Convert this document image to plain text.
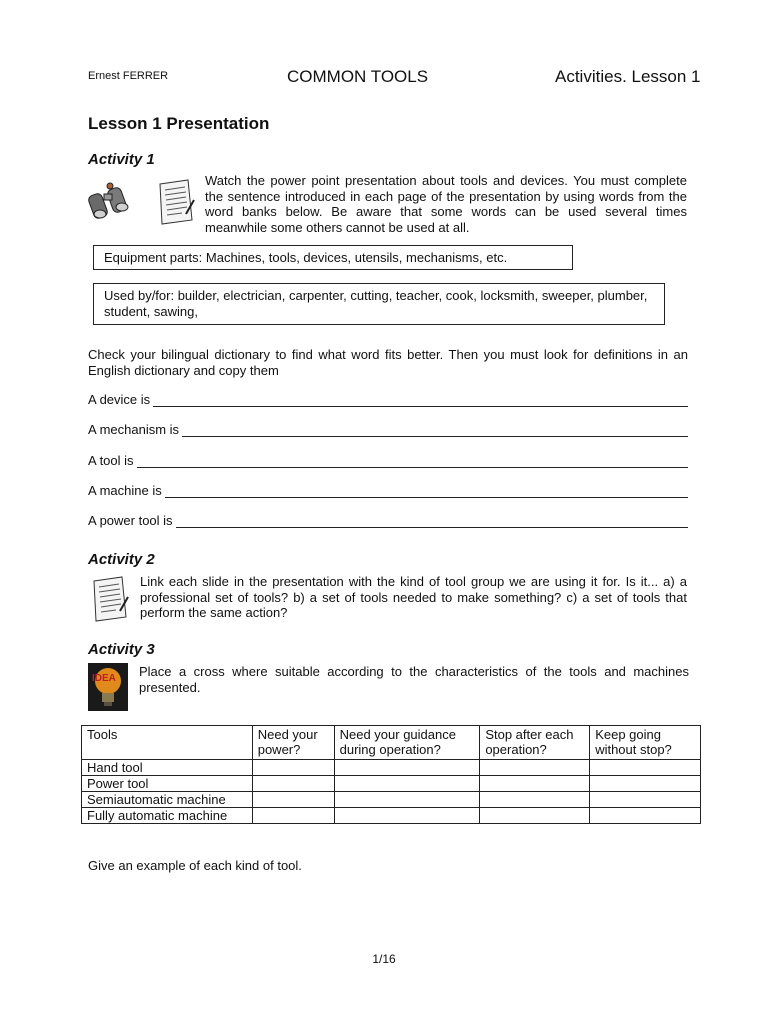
Ernest FERRER	COMMON TOOLS	Activities. Lesson 1
Lesson 1 Presentation
Activity 1
Watch the power point presentation about tools and devices. You must complete the sentence introduced in each page of the presentation by using words from the word banks below. Be aware that some words can be used several times meanwhile some others cannot be used at all.
Equipment parts: Machines, tools, devices, utensils, mechanisms, etc.
Used by/for: builder, electrician, carpenter, cutting, teacher, cook, locksmith, sweeper, plumber, student, sawing,
Check your bilingual dictionary to find what word fits better. Then you must look for definitions in an English dictionary and copy them
A device is
A mechanism is
A tool is
A machine is
A power tool is
Activity 2
Link each slide in the presentation with the kind of tool group we are using it for. Is it... a) a professional set of tools? b) a set of tools needed to make something? c) a set of tools that perform the same action?
Activity 3
IDEA Place a cross where suitable according to the characteristics of the tools and machines presented.
Tools	Need your power?	Need your guidance during operation?	Stop after each operation?	Keep going without stop?
Hand tool				
Power tool				
Semiautomatic machine				
Fully automatic machine				
Give an example of each kind of tool.
1/16
